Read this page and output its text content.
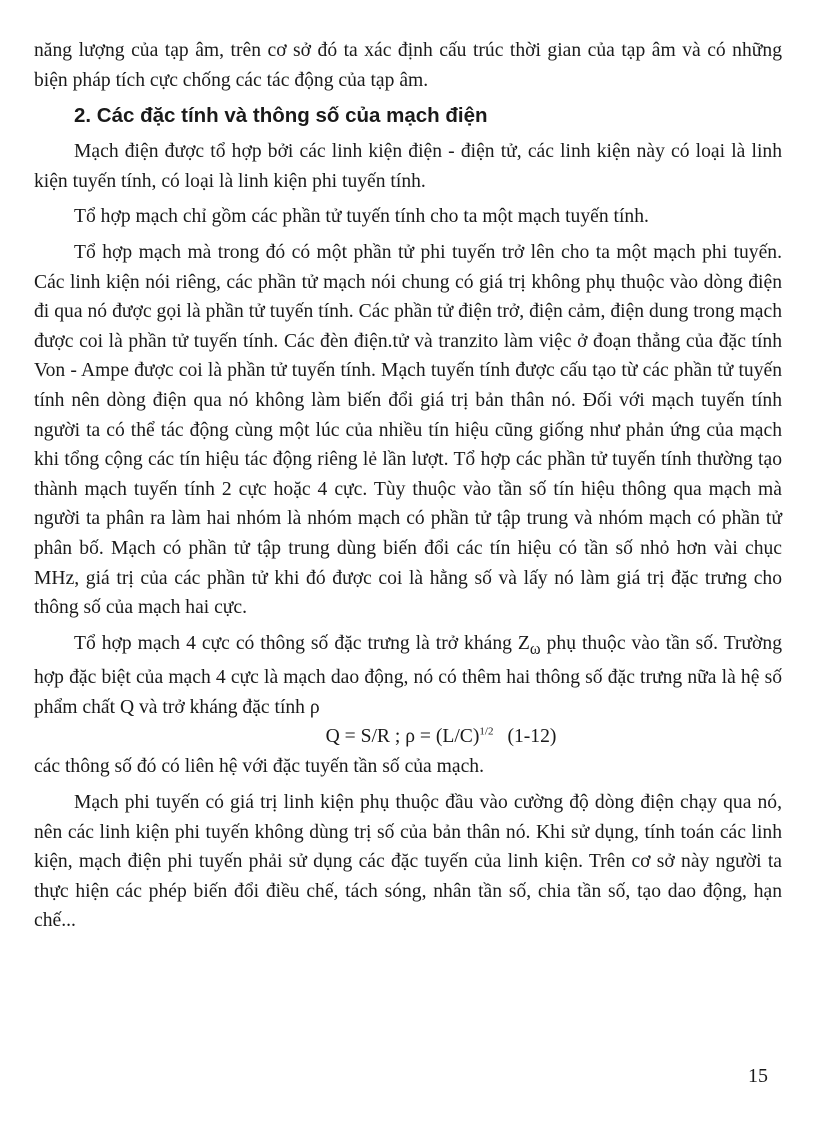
năng lượng của tạp âm, trên cơ sở đó ta xác định cấu trúc thời gian của tạp âm và có những biện pháp tích cực chống các tác động của tạp âm.

2. Các đặc tính và thông số của mạch điện

Mạch điện được tổ hợp bởi các linh kiện điện - điện tử, các linh kiện này có loại là linh kiện tuyến tính, có loại là linh kiện phi tuyến tính.

Tổ hợp mạch chỉ gồm các phần tử tuyến tính cho ta một mạch tuyến tính.

Tổ hợp mạch mà trong đó có một phần tử phi tuyến trở lên cho ta một mạch phi tuyến. Các linh kiện nói riêng, các phần tử mạch nói chung có giá trị không phụ thuộc vào dòng điện đi qua nó được gọi là phần tử tuyến tính. Các phần tử điện trở, điện cảm, điện dung trong mạch được coi là phần tử tuyến tính. Các đèn điện.tử và tranzito làm việc ở đoạn thẳng của đặc tính Von - Ampe được coi là phần tử tuyến tính. Mạch tuyến tính được cấu tạo từ các phần tử tuyến tính nên dòng điện qua nó không làm biến đổi giá trị bản thân nó. Đối với mạch tuyến tính người ta có thể tác động cùng một lúc của nhiều tín hiệu cũng giống như phản ứng của mạch khi tổng cộng các tín hiệu tác động riêng lẻ lần lượt. Tổ hợp các phần tử tuyến tính thường tạo thành mạch tuyến tính 2 cực hoặc 4 cực. Tùy thuộc vào tần số tín hiệu thông qua mạch mà người ta phân ra làm hai nhóm là nhóm mạch có phần tử tập trung và nhóm mạch có phần tử phân bố. Mạch có phần tử tập trung dùng biến đổi các tín hiệu có tần số nhỏ hơn vài chục MHz, giá trị của các phần tử khi đó được coi là hằng số và lấy nó làm giá trị đặc trưng cho thông số của mạch hai cực.

Tổ hợp mạch 4 cực có thông số đặc trưng là trở kháng $Z_\omega$ phụ thuộc vào tần số. Trường hợp đặc biệt của mạch 4 cực là mạch dao động, nó có thêm hai thông số đặc trưng nữa là hệ số phẩm chất Q và trở kháng đặc tính ρ

Q = S/R ; $\rho = (L/C)^{1/2}$ (1-12)

các thông số đó có liên hệ với đặc tuyến tần số của mạch.

Mạch phi tuyến có giá trị linh kiện phụ thuộc đầu vào cường độ dòng điện chạy qua nó, nên các linh kiện phi tuyến không dùng trị số của bản thân nó. Khi sử dụng, tính toán các linh kiện, mạch điện phi tuyến phải sử dụng các đặc tuyến của linh kiện. Trên cơ sở này người ta thực hiện các phép biến đổi điều chế, tách sóng, nhân tần số, chia tần số, tạo dao động, hạn chế...

15
